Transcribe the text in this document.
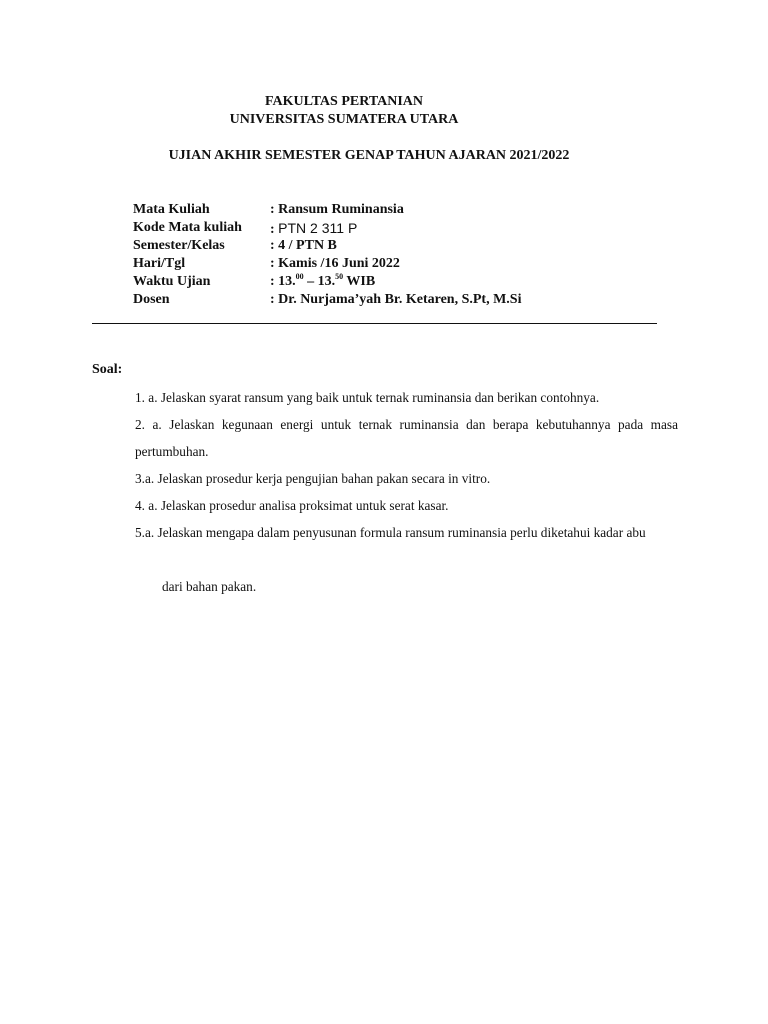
FAKULTAS PERTANIAN
UNIVERSITAS SUMATERA UTARA
UJIAN AKHIR SEMESTER GENAP TAHUN AJARAN 2021/2022
Mata Kuliah	: Ransum Ruminansia
Kode Mata kuliah : PTN 2 311 P
Semester/Kelas	: 4 / PTN B
Hari/Tgl	: Kamis /16 Juni 2022
Waktu Ujian	: 13.00 – 13.50 WIB
Dosen	: Dr. Nurjama’yah Br. Ketaren, S.Pt, M.Si
Soal:
1. a. Jelaskan syarat ransum yang baik untuk ternak ruminansia dan berikan contohnya.
2. a. Jelaskan kegunaan energi untuk ternak ruminansia dan berapa kebutuhannya pada masa pertumbuhan.
3.a. Jelaskan prosedur kerja pengujian bahan pakan secara in vitro.
4. a. Jelaskan prosedur analisa proksimat untuk serat kasar.
5.a. Jelaskan mengapa dalam penyusunan formula ransum ruminansia perlu diketahui kadar abu
dari bahan pakan.
